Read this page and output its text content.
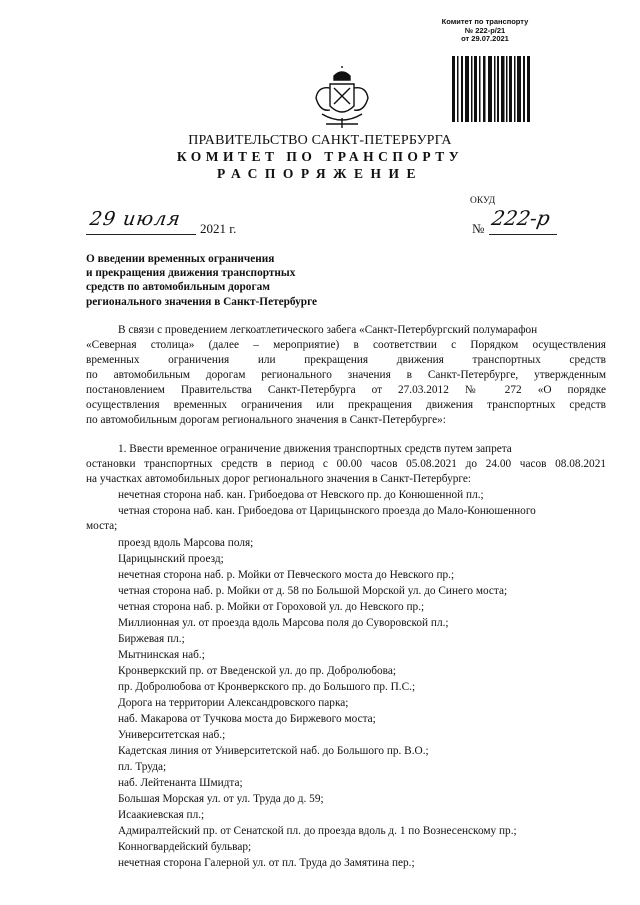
Комитет по транспорту
№ 222-р/21
от 29.07.2021
ПРАВИТЕЛЬСТВО САНКТ-ПЕТЕРБУРГА
КОМИТЕТ ПО ТРАНСПОРТУ
РАСПОРЯЖЕНИЕ
ОКУД
29 июля 2021 г.	№ 222-р
О введении временных ограничения
и прекращения движения транспортных
средств по автомобильным дорогам
регионального значения в Санкт-Петербурге
В связи с проведением легкоатлетического забега «Санкт-Петербургский полумарафон
«Северная столица» (далее – мероприятие) в соответствии с Порядком осуществления
временных ограничения или прекращения движения транспортных средств
по автомобильным дорогам регионального значения в Санкт-Петербурге, утвержденным
постановлением Правительства Санкт-Петербурга от 27.03.2012 № 272 «О порядке
осуществления временных ограничения или прекращения движения транспортных средств
по автомобильным дорогам регионального значения в Санкт-Петербурге»:
1. Ввести временное ограничение движения транспортных средств путем запрета
остановки транспортных средств в период с 00.00 часов 05.08.2021 до 24.00 часов 08.08.2021
на участках автомобильных дорог регионального значения в Санкт-Петербурге:
нечетная сторона наб. кан. Грибоедова от Невского пр. до Конюшенной пл.;
четная сторона наб. кан. Грибоедова от Царицынского проезда до Мало-Конюшенного
моста;
проезд вдоль Марсова поля;
Царицынский проезд;
нечетная сторона наб. р. Мойки от Певческого моста до Невского пр.;
четная сторона наб. р. Мойки от д. 58 по Большой Морской ул. до Синего моста;
четная сторона наб. р. Мойки от Гороховой ул. до Невского пр.;
Миллионная ул. от проезда вдоль Марсова поля до Суворовской пл.;
Биржевая пл.;
Мытнинская наб.;
Кронверкский пр. от Введенской ул. до пр. Добролюбова;
пр. Добролюбова от Кронверкского пр. до Большого пр. П.С.;
Дорога на территории Александровского парка;
наб. Макарова от Тучкова моста до Биржевого моста;
Университетская наб.;
Кадетская линия от Университетской наб. до Большого пр. В.О.;
пл. Труда;
наб. Лейтенанта Шмидта;
Большая Морская ул. от ул. Труда до д. 59;
Исаакиевская пл.;
Адмиралтейский пр. от Сенатской пл. до проезда вдоль д. 1 по Вознесенскому пр.;
Конногвардейский бульвар;
нечетная сторона Галерной ул. от пл. Труда до Замятина пер.;
